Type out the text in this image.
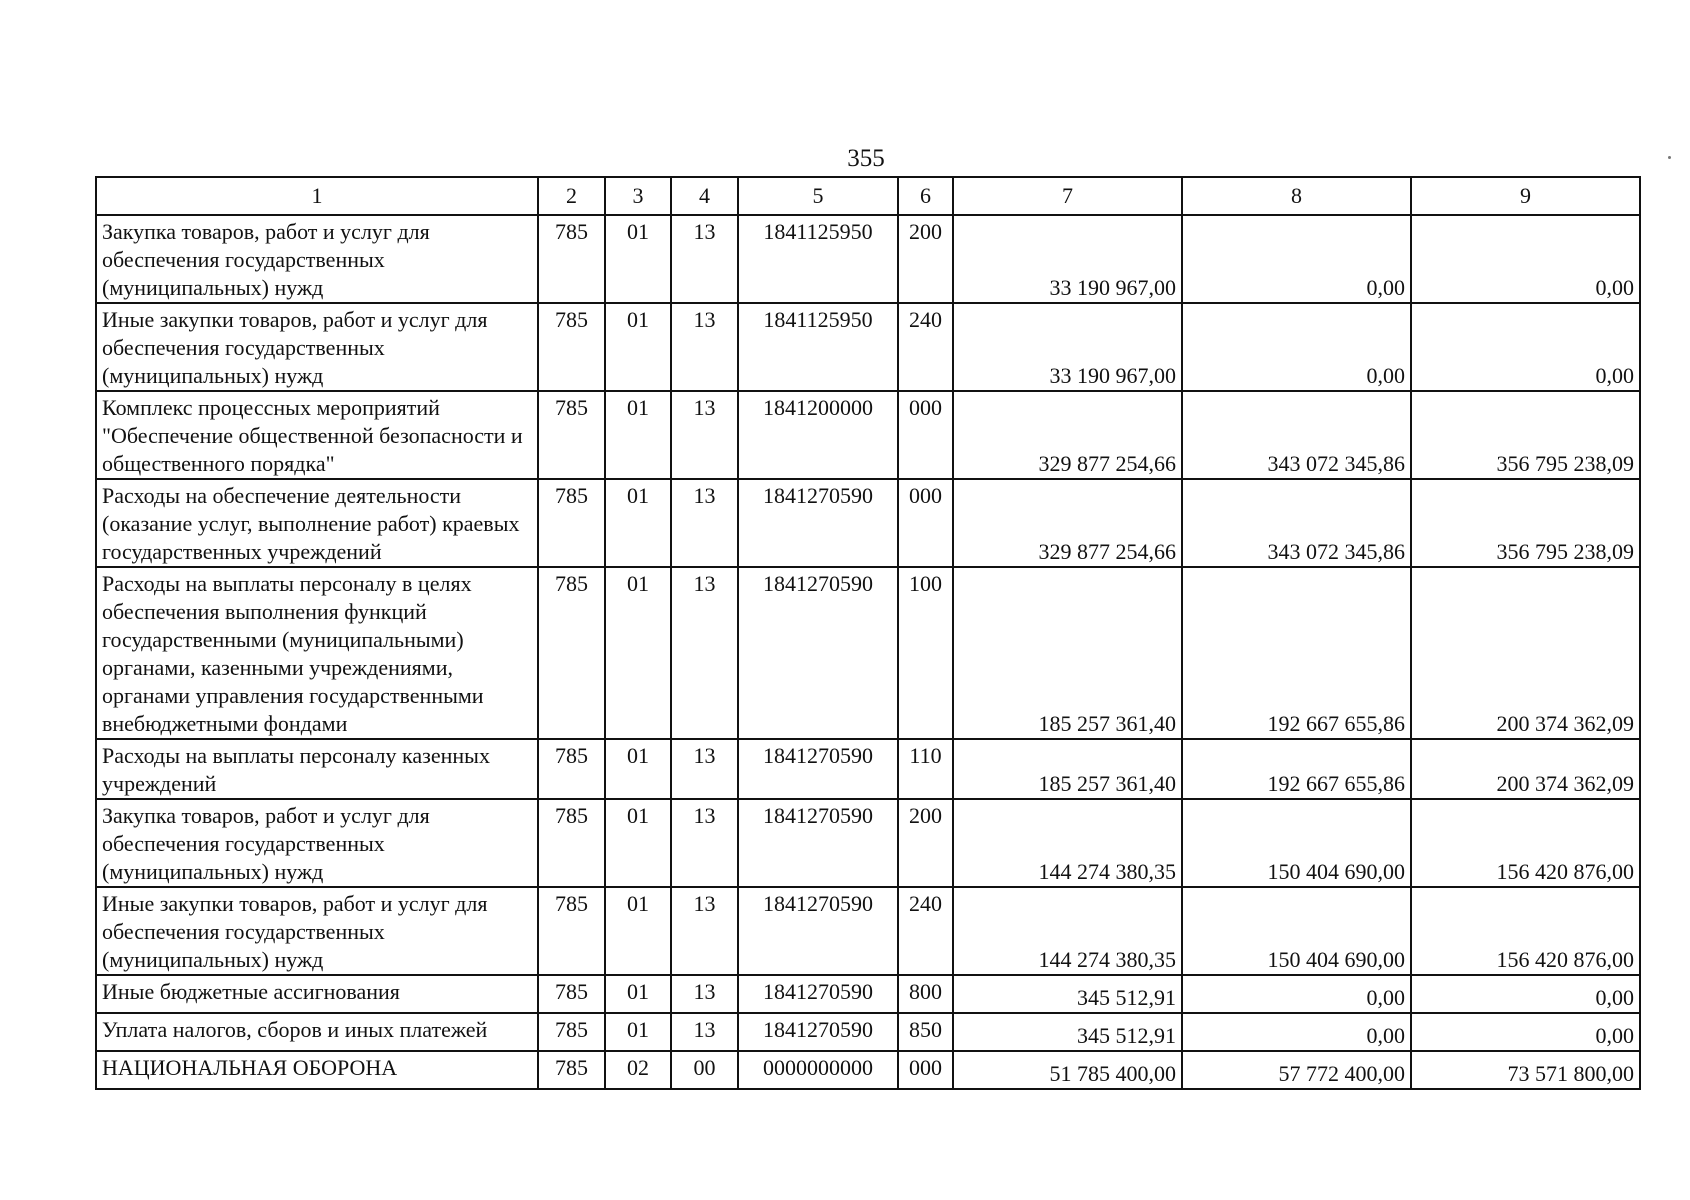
355
1	2	3	4	5	6	7	8	9
Закупка товаров, работ и услуг для обеспечения государственных (муниципальных) нужд	785	01	13	1841125950	200	33 190 967,00	0,00	0,00
Иные закупки товаров, работ и услуг для обеспечения государственных (муниципальных) нужд	785	01	13	1841125950	240	33 190 967,00	0,00	0,00
Комплекс процессных мероприятий "Обеспечение общественной безопасности и общественного порядка"	785	01	13	1841200000	000	329 877 254,66	343 072 345,86	356 795 238,09
Расходы на обеспечение деятельности (оказание услуг, выполнение работ) краевых государственных учреждений	785	01	13	1841270590	000	329 877 254,66	343 072 345,86	356 795 238,09
Расходы на выплаты персоналу в целях обеспечения выполнения функций государственными (муниципальными) органами, казенными учреждениями, органами управления государственными внебюджетными фондами	785	01	13	1841270590	100	185 257 361,40	192 667 655,86	200 374 362,09
Расходы на выплаты персоналу казенных учреждений	785	01	13	1841270590	110	185 257 361,40	192 667 655,86	200 374 362,09
Закупка товаров, работ и услуг для обеспечения государственных (муниципальных) нужд	785	01	13	1841270590	200	144 274 380,35	150 404 690,00	156 420 876,00
Иные закупки товаров, работ и услуг для обеспечения государственных (муниципальных) нужд	785	01	13	1841270590	240	144 274 380,35	150 404 690,00	156 420 876,00
Иные бюджетные ассигнования	785	01	13	1841270590	800	345 512,91	0,00	0,00
Уплата налогов, сборов и иных платежей	785	01	13	1841270590	850	345 512,91	0,00	0,00
НАЦИОНАЛЬНАЯ ОБОРОНА	785	02	00	0000000000	000	51 785 400,00	57 772 400,00	73 571 800,00
